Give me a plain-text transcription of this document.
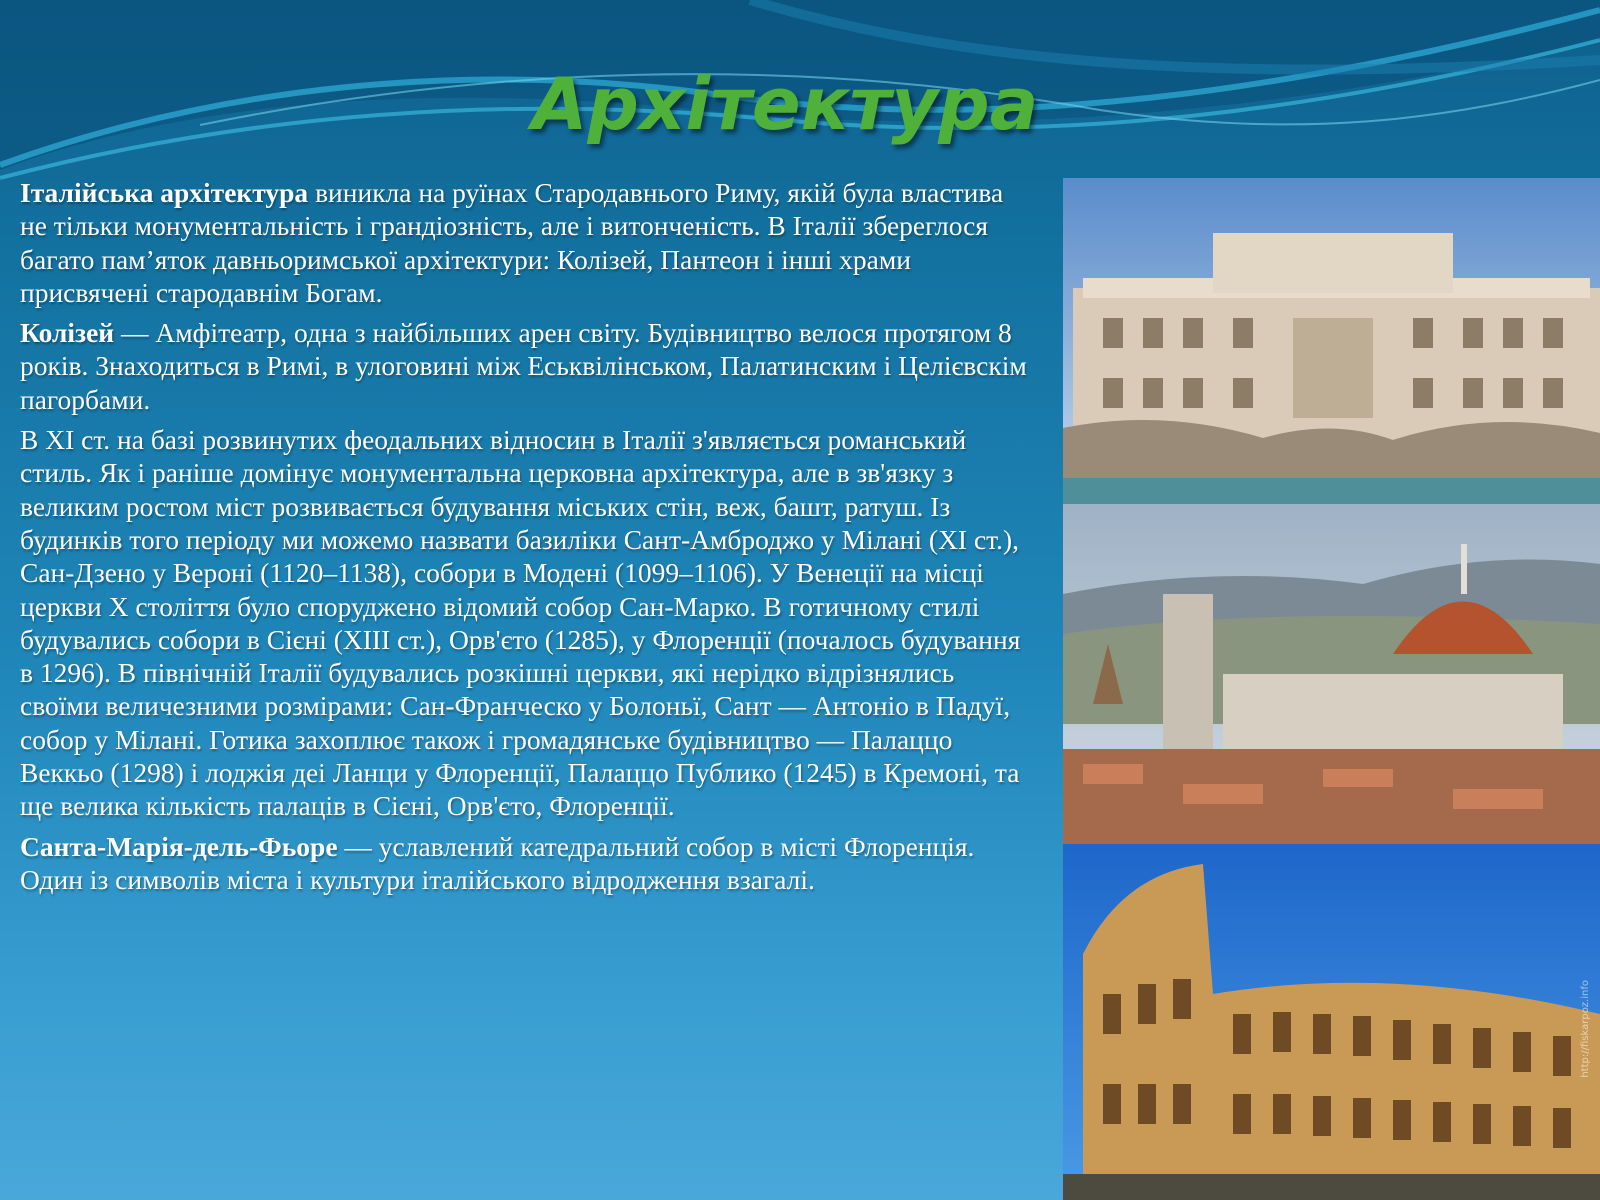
Архітектура

Італійська архітектура виникла на руїнах Стародавнього Риму, якій була властива не тільки монументальність і грандіозність, але і витонченість. В Італії збереглося багато пам’яток давньоримської архітектури: Колізей, Пантеон і інші храми присвячені стародавнім Богам.

Колізей — Амфітеатр, одна з найбільших арен світу. Будівництво велося протягом 8 років. Знаходиться в Римі, в улоговині між Еськвілінськом, Палатинским і Целієвскім пагорбами.

В XI ст. на базі розвинутих феодальних відносин в Італії з'являється романський стиль. Як і раніше домінує монументальна церковна архітектура, але в зв'язку з великим ростом міст розвивається будування міських стін, веж, башт, ратуш. Із будинків того періоду ми можемо назвати базиліки Сант-Амброджо у Мілані (XI ст.), Сан-Дзено у Вероні (1120–1138), собори в Модені (1099–1106). У Венеції на місці церкви X століття було споруджено відомий собор Сан-Марко. В готичному стилі будувались собори в Сієні (XIII ст.), Орв'єто (1285), у Флоренції (почалось будування в 1296). В північній Італії будувались розкішні церкви, які нерідко відрізнялись своїми величезними розмірами: Сан-Франческо у Болоньї, Сант — Антоніо в Падуї, собор у Мілані. Готика захоплює також і громадянське будівництво — Палаццо Веккьо (1298) і лоджія деі Ланци у Флоренції, Палаццо Публико (1245) в Кремоні, та ще велика кількість палаців в Сієні, Орв'єто, Флоренції.

Санта-Марія-дель-Фьоре — уславлений катедральний собор в місті Флоренція. Один із символів міста і культури італійського відродження взагалі.

http://fiskarpoz.info
